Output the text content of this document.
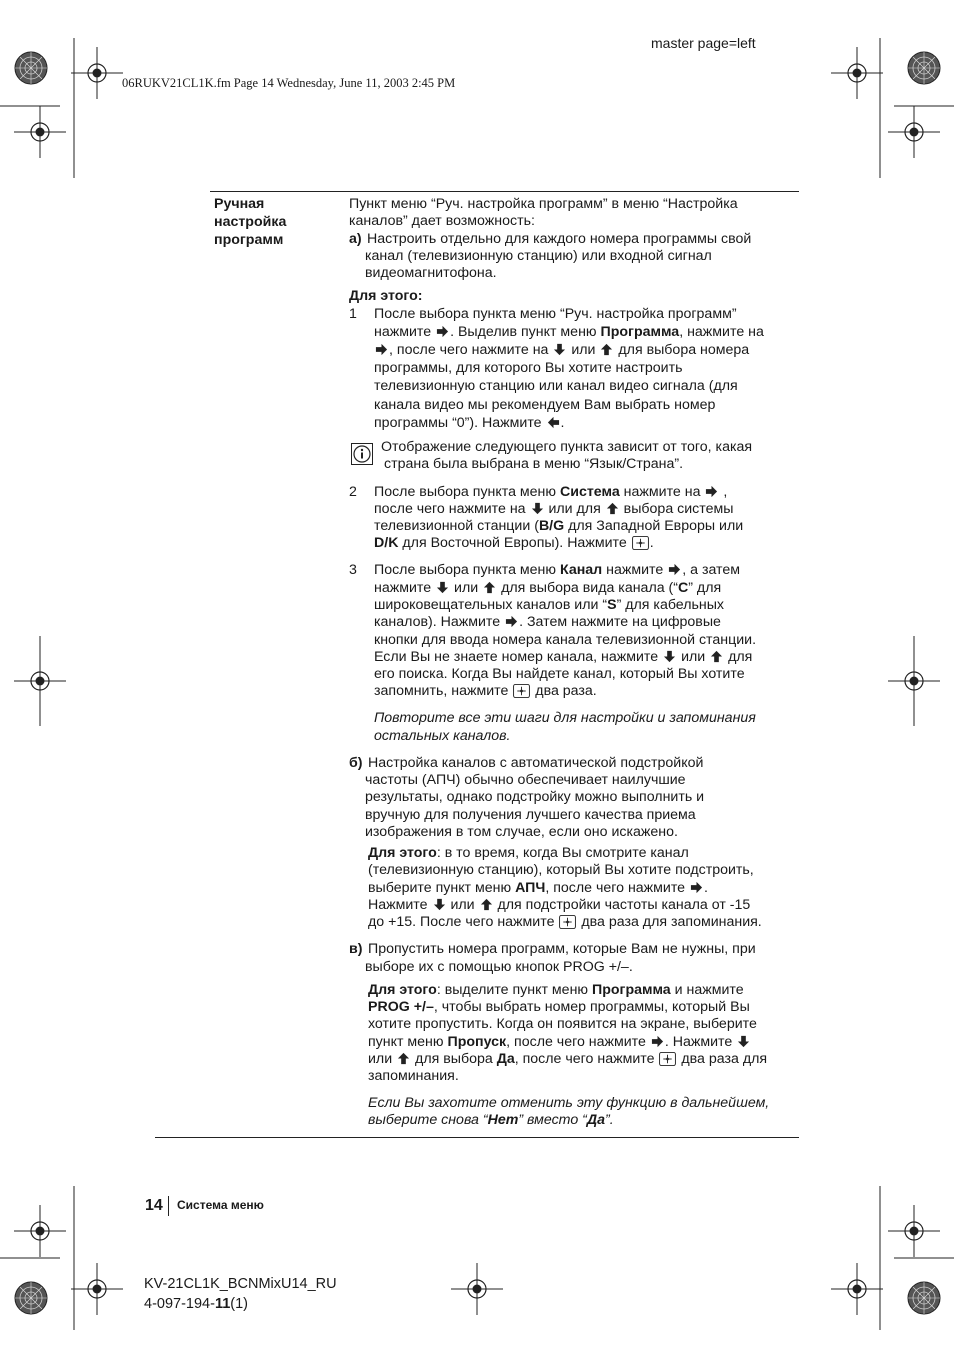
master page=left
06RUKV21CL1K.fm Page 14 Wednesday, June 11, 2003 2:45 PM
Ручная
настройка
программ
Пункт меню “Руч. настройка программ” в меню “Настройка
каналов” дает возможность:
а) Настроить отдельно для каждого номера программы свой
канал (телевизионную станцию) или входной сигнал
видеомагнитофона.
Для этого:
1 После выбора пункта меню “Руч. настройка программ”
нажмите . Выделив пункт меню Программа, нажмите на
, после чего нажмите на или для выбора номера
программы, для которого Вы хотите настроить
телевизионную станцию или канал видео сигнала (для
канала видео мы рекомендуем Вам выбрать номер
программы “0”). Нажмите .
Отображение следующего пункта зависит от того, какая
страна была выбрана в меню “Язык/Страна”.
2 После выбора пункта меню Система нажмите на ,
после чего нажмите на или для выбора системы
телевизионной станции (B/G для Западной Евроры или
D/K для Восточной Европы). Нажмите .
3 После выбора пункта меню Канал нажмите , а затем
нажмите или для выбора вида канала (“C” для
широковещательных каналов или “S” для кабельных
каналов). Нажмите . Затем нажмите на цифровые
кнопки для ввода номера канала телевизионной станции.
Если Вы не знаете номер канала, нажмите или для
его поиска. Когда Вы найдете канал, который Вы хотите
запомнить, нажмите два раза.
Повторите все эти шаги для настройки и запоминания
остальных каналов.
б) Настройка каналов с автоматической подстройкой
частоты (АПЧ) обычно обеспечивает наилучшие
результаты, однако подстройку можно выполнить и
вручную для получения лучшего качества приема
изображения в том случае, если оно искажено.
Для этого: в то время, когда Вы смотрите канал
(телевизионную станцию), который Вы хотите подстроить,
выберите пункт меню АПЧ, после чего нажмите .
Нажмите или для подстройки частоты канала от -15
до +15. После чего нажмите два раза для запоминания.
в) Пропустить номера программ, которые Вам не нужны, при
выборе их с помощью кнопок PROG +/–.
Для этого: выделите пункт меню Программа и нажмите
PROG +/–, чтобы выбрать номер программы, который Вы
хотите пропустить. Когда он появится на экране, выберите
пункт меню Пропуск, после чего нажмите . Нажмите
или для выбора Да, после чего нажмите два раза для
запоминания.
Если Вы захотите отменить эту функцию в дальнейшем,
выберите снова “Нет” вместо “Да”.
14 Система меню
KV-21CL1K_BCNMixU14_RU
4-097-194-11(1)
